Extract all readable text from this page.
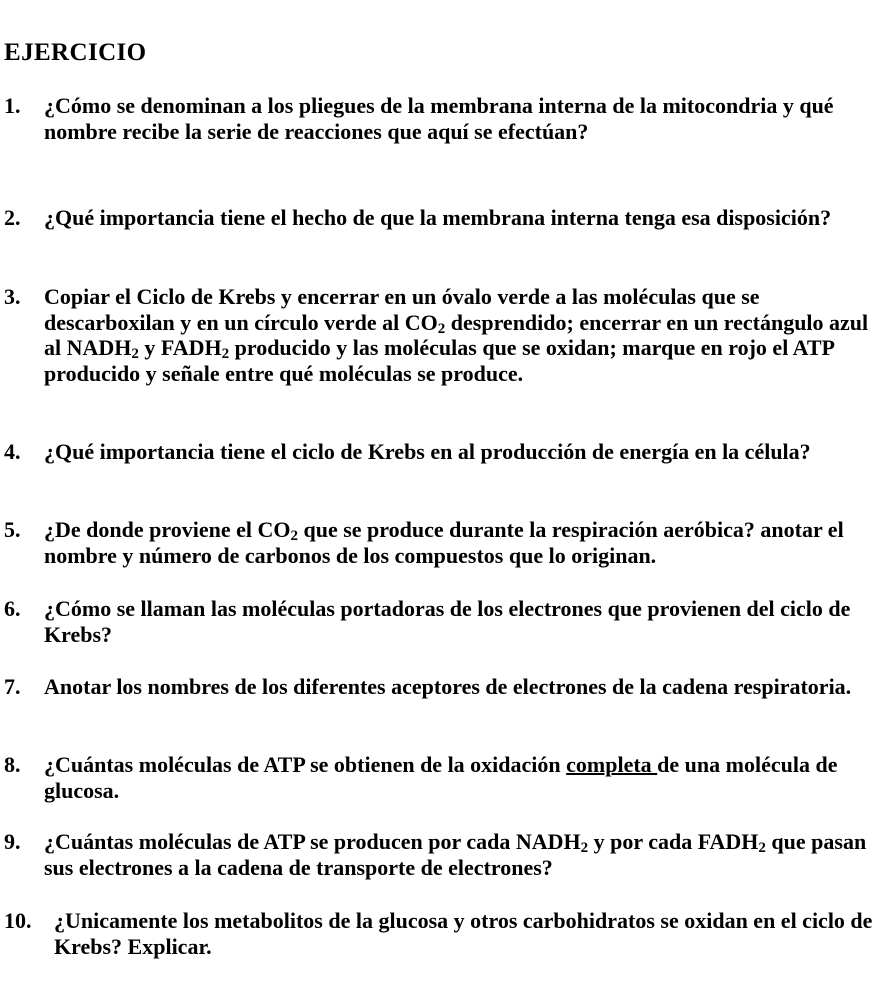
EJERCICIO
1. ¿Cómo se denominan a los pliegues de la membrana interna de la mitocondria y qué nombre recibe la serie de reacciones que aquí se efectúan?
2. ¿Qué importancia tiene el hecho de que la membrana interna tenga esa disposición?
3. Copiar el Ciclo de Krebs y encerrar en un óvalo verde a las moléculas que se descarboxilan y en un círculo verde al $CO_2$ desprendido; encerrar en un rectángulo azul al $NADH_2$ y $FADH_2$ producido y las moléculas que se oxidan; marque en rojo el ATP producido y señale entre qué moléculas se produce.
4. ¿Qué importancia tiene el ciclo de Krebs en al producción de energía en la célula?
5. ¿De donde proviene el $CO_2$ que se produce durante la respiración aeróbica? anotar el nombre y número de carbonos de los compuestos que lo originan.
6. ¿Cómo se llaman las moléculas portadoras de los electrones que provienen del ciclo de Krebs?
7. Anotar los nombres de los diferentes aceptores de electrones de la cadena respiratoria.
8. ¿Cuántas moléculas de ATP se obtienen de la oxidación completa de una molécula de glucosa.
9. ¿Cuántas moléculas de ATP se producen por cada $NADH_2$ y por cada $FADH_2$ que pasan sus electrones a la cadena de transporte de electrones?
10. ¿Unicamente los metabolitos de la glucosa y otros carbohidratos se oxidan en el ciclo de Krebs? Explicar.
